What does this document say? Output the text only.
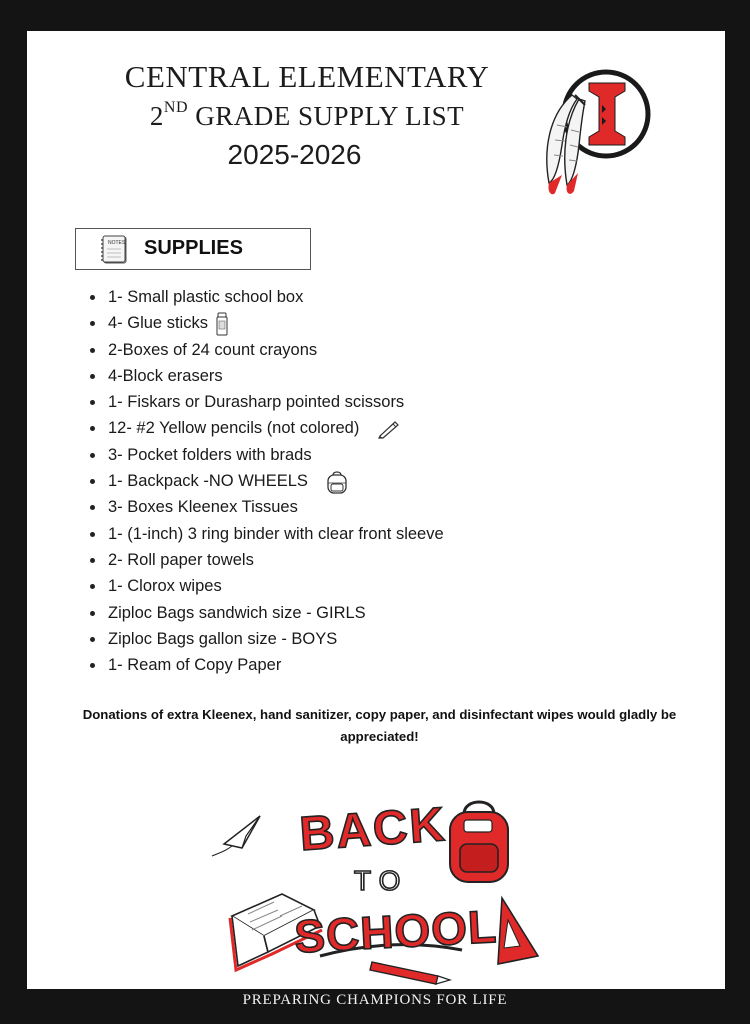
CENTRAL ELEMENTARY
2ND GRADE SUPPLY LIST
2025-2026
NOTES SUPPLIES
1- Small plastic school box
4- Glue sticks
2-Boxes of 24 count crayons
4-Block erasers
1- Fiskars or Durasharp pointed scissors
12- #2 Yellow pencils (not colored)
3- Pocket folders with brads
1- Backpack -NO WHEELS
3- Boxes Kleenex Tissues
1- (1-inch) 3 ring binder with clear front sleeve
2- Roll paper towels
1- Clorox wipes
Ziploc Bags sandwich size - GIRLS
Ziploc Bags gallon size - BOYS
1- Ream of Copy Paper
Donations of extra Kleenex, hand sanitizer, copy paper, and disinfectant wipes would gladly be appreciated!
BACK
TO
SCHOOL
PREPARING CHAMPIONS FOR LIFE
